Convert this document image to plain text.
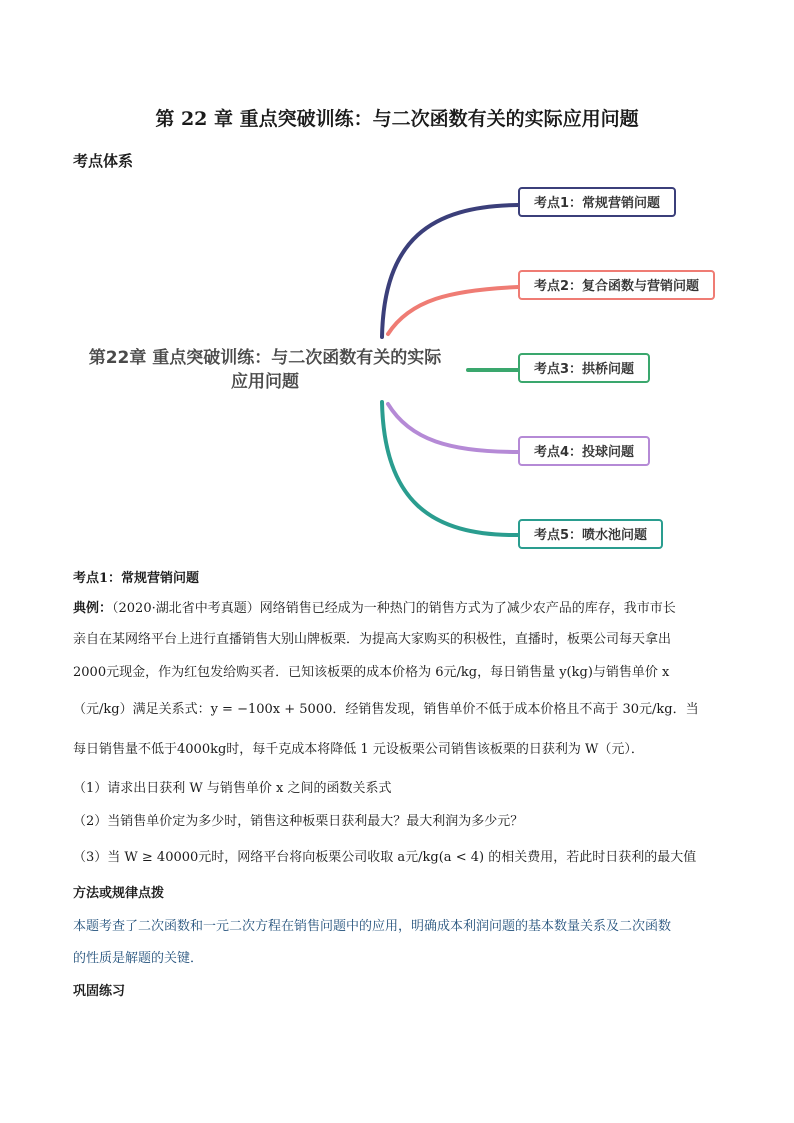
第 22 章 重点突破训练：与二次函数有关的实际应用问题
考点体系
第22章 重点突破训练：与二次函数有关的实际
应用问题
考点1：常规营销问题
考点2：复合函数与营销问题
考点3：拱桥问题
考点4：投球问题
考点5：喷水池问题
考点1：常规营销问题
典例：（2020·湖北省中考真题）网络销售已经成为一种热门的销售方式为了减少农产品的库存，我市市长
亲自在某网络平台上进行直播销售大别山牌板栗．为提高大家购买的积极性，直播时，板栗公司每天拿出
2000元现金，作为红包发给购买者．已知该板栗的成本价格为 6元/kg，每日销售量 y(kg)与销售单价 x
（元/kg）满足关系式：y = −100x + 5000．经销售发现，销售单价不低于成本价格且不高于 30元/kg．当
每日销售量不低于4000kg时，每千克成本将降低 1 元设板栗公司销售该板栗的日获利为 W（元）．
（1）请求出日获利 W 与销售单价 x 之间的函数关系式
（2）当销售单价定为多少时，销售这种板栗日获利最大？最大利润为多少元？
（3）当 W ≥ 40000元时，网络平台将向板栗公司收取 a元/kg(a < 4) 的相关费用，若此时日获利的最大值
方法或规律点拨
本题考查了二次函数和一元二次方程在销售问题中的应用，明确成本利润问题的基本数量关系及二次函数
的性质是解题的关键．
巩固练习
